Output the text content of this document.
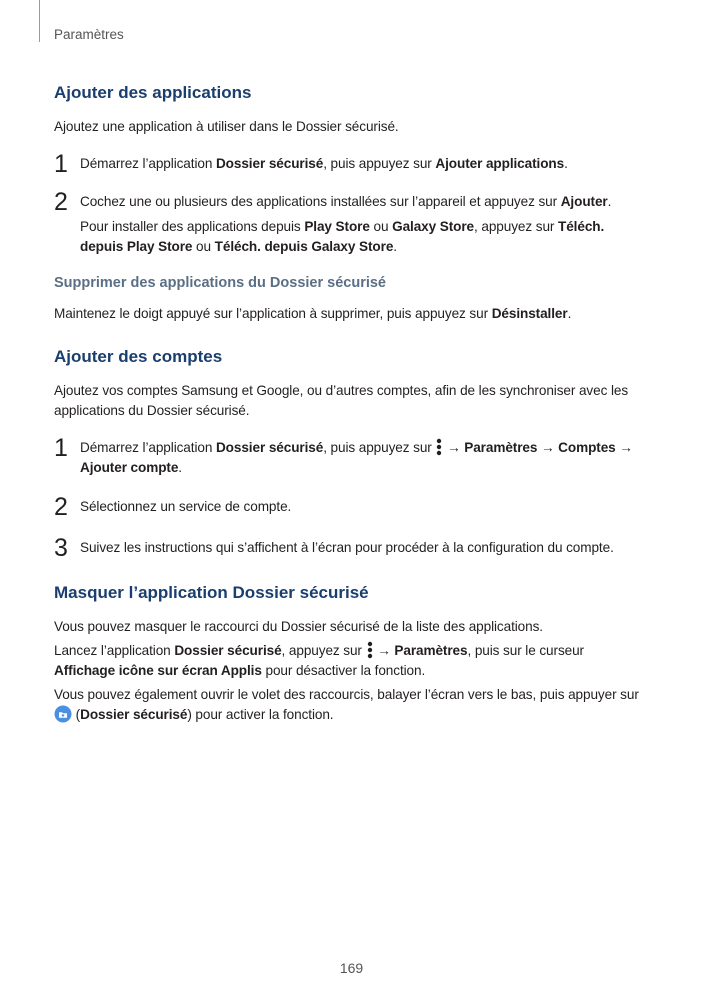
Paramètres
Ajouter des applications

Ajoutez une application à utiliser dans le Dossier sécurisé.

1 Démarrez l’application Dossier sécurisé, puis appuyez sur Ajouter applications.

2 Cochez une ou plusieurs des applications installées sur l’appareil et appuyez sur Ajouter.

Pour installer des applications depuis Play Store ou Galaxy Store, appuyez sur Téléch. depuis Play Store ou Téléch. depuis Galaxy Store.

Supprimer des applications du Dossier sécurisé

Maintenez le doigt appuyé sur l’application à supprimer, puis appuyez sur Désinstaller.

Ajouter des comptes

Ajoutez vos comptes Samsung et Google, ou d’autres comptes, afin de les synchroniser avec les applications du Dossier sécurisé.

1 Démarrez l’application Dossier sécurisé, puis appuyez sur  → Paramètres → Comptes → Ajouter compte.

2 Sélectionnez un service de compte.

3 Suivez les instructions qui s’affichent à l’écran pour procéder à la configuration du compte.

Masquer l’application Dossier sécurisé

Vous pouvez masquer le raccourci du Dossier sécurisé de la liste des applications.

Lancez l’application Dossier sécurisé, appuyez sur  → Paramètres, puis sur le curseur Affichage icône sur écran Applis pour désactiver la fonction.

Vous pouvez également ouvrir le volet des raccourcis, balayer l’écran vers le bas, puis appuyer sur  (Dossier sécurisé) pour activer la fonction.

169
